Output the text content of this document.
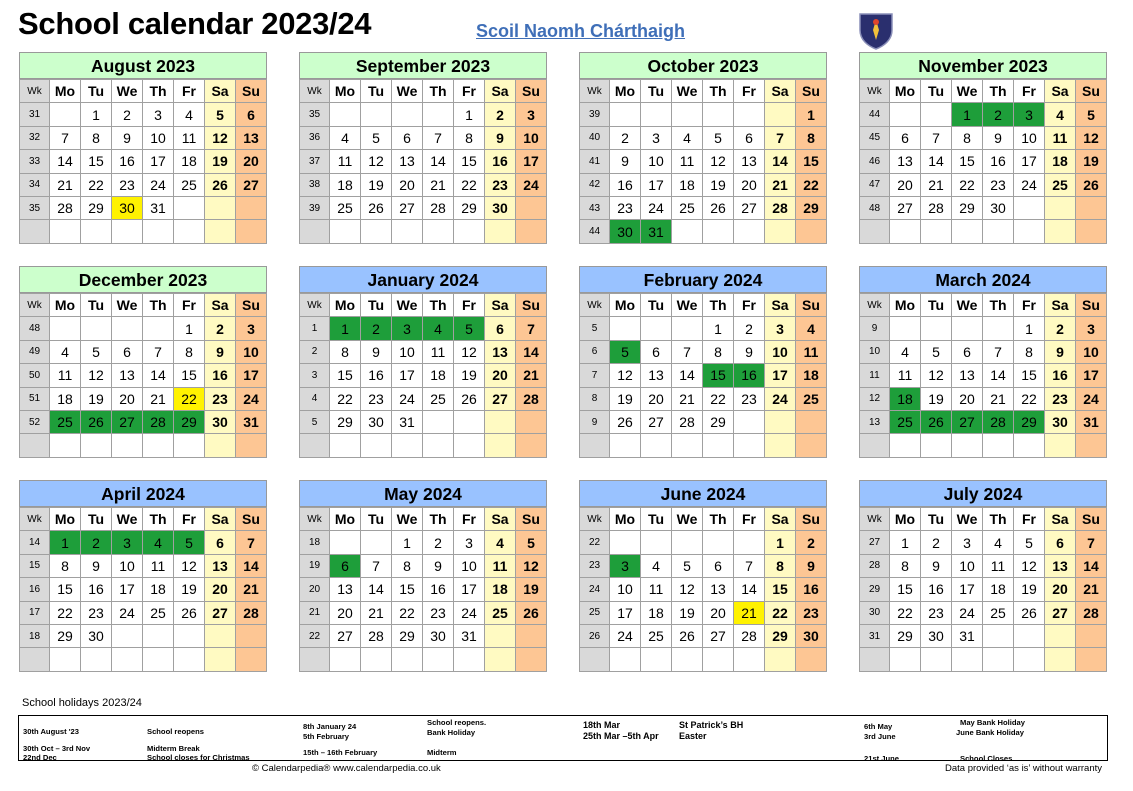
School calendar 2023/24	Scoil Naomh Chárthaigh
August 2023
Wk	Mo	Tu	We	Th	Fr	Sa	Su
31		1	2	3	4	5	6
32	7	8	9	10	11	12	13
33	14	15	16	17	18	19	20
34	21	22	23	24	25	26	27
35	28	29	30	31			

September 2023
Wk	Mo	Tu	We	Th	Fr	Sa	Su
35					1	2	3
36	4	5	6	7	8	9	10
37	11	12	13	14	15	16	17
38	18	19	20	21	22	23	24
39	25	26	27	28	29	30	

October 2023
Wk	Mo	Tu	We	Th	Fr	Sa	Su
39							1
40	2	3	4	5	6	7	8
41	9	10	11	12	13	14	15
42	16	17	18	19	20	21	22
43	23	24	25	26	27	28	29
44	30	31					
November 2023
Wk	Mo	Tu	We	Th	Fr	Sa	Su
44			1	2	3	4	5
45	6	7	8	9	10	11	12
46	13	14	15	16	17	18	19
47	20	21	22	23	24	25	26
48	27	28	29	30			

December 2023
Wk	Mo	Tu	We	Th	Fr	Sa	Su
48					1	2	3
49	4	5	6	7	8	9	10
50	11	12	13	14	15	16	17
51	18	19	20	21	22	23	24
52	25	26	27	28	29	30	31

January 2024
Wk	Mo	Tu	We	Th	Fr	Sa	Su
1	1	2	3	4	5	6	7
2	8	9	10	11	12	13	14
3	15	16	17	18	19	20	21
4	22	23	24	25	26	27	28
5	29	30	31				

February 2024
Wk	Mo	Tu	We	Th	Fr	Sa	Su
5				1	2	3	4
6	5	6	7	8	9	10	11
7	12	13	14	15	16	17	18
8	19	20	21	22	23	24	25
9	26	27	28	29			

March 2024
Wk	Mo	Tu	We	Th	Fr	Sa	Su
9					1	2	3
10	4	5	6	7	8	9	10
11	11	12	13	14	15	16	17
12	18	19	20	21	22	23	24
13	25	26	27	28	29	30	31

April 2024
Wk	Mo	Tu	We	Th	Fr	Sa	Su
14	1	2	3	4	5	6	7
15	8	9	10	11	12	13	14
16	15	16	17	18	19	20	21
17	22	23	24	25	26	27	28
18	29	30					

May 2024
Wk	Mo	Tu	We	Th	Fr	Sa	Su
18			1	2	3	4	5
19	6	7	8	9	10	11	12
20	13	14	15	16	17	18	19
21	20	21	22	23	24	25	26
22	27	28	29	30	31		

June 2024
Wk	Mo	Tu	We	Th	Fr	Sa	Su
22						1	2
23	3	4	5	6	7	8	9
24	10	11	12	13	14	15	16
25	17	18	19	20	21	22	23
26	24	25	26	27	28	29	30

July 2024
Wk	Mo	Tu	We	Th	Fr	Sa	Su
27	1	2	3	4	5	6	7
28	8	9	10	11	12	13	14
29	15	16	17	18	19	20	21
30	22	23	24	25	26	27	28
31	29	30	31				

School holidays 2023/24
30th August '23	School reopens
30th Oct – 3rd Nov	Midterm Break
22nd Dec	School closes for Christmas
8th January 24	School reopens.
5th February	Bank Holiday
15th – 16th February	Midterm
18th Mar	St Patrick’s BH
25th Mar –5th Apr Easter
6th May	May Bank Holiday
3rd June	June Bank Holiday
21st June	School Closes
© Calendarpedia® www.calendarpedia.co.uk	Data provided ‘as is’ without warranty
